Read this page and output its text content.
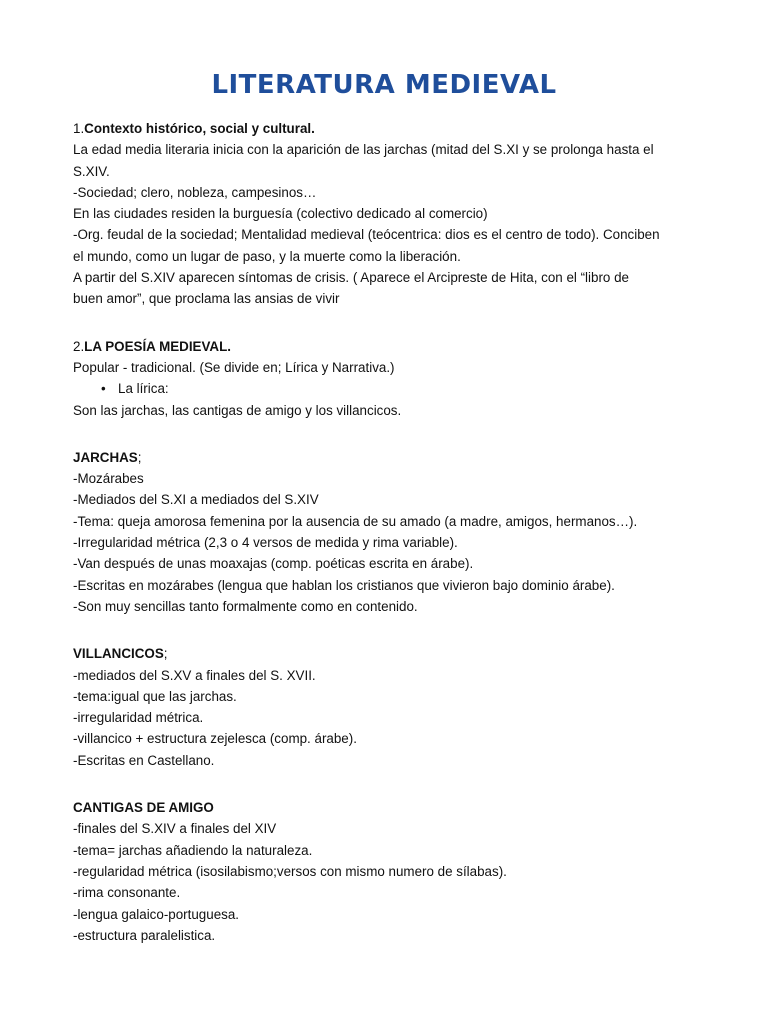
LITERATURA MEDIEVAL
1.Contexto histórico, social y cultural.
La edad media literaria inicia con la aparición de las jarchas (mitad del S.XI y se prolonga hasta el
S.XIV.
-Sociedad; clero, nobleza, campesinos…
En las ciudades residen la burguesía (colectivo dedicado al comercio)
-Org. feudal de la sociedad; Mentalidad medieval (teócentrica: dios es el centro de todo). Conciben
el mundo, como un lugar de paso, y la muerte como la liberación.
A partir del S.XIV aparecen síntomas de crisis. ( Aparece el Arcipreste de Hita, con el “libro de
buen amor”, que proclama las ansias de vivir
2.LA POESÍA MEDIEVAL.
Popular - tradicional. (Se divide en; Lírica y Narrativa.)
• La lírica:
Son las jarchas, las cantigas de amigo y los villancicos.
JARCHAS;
-Mozárabes
-Mediados del S.XI a mediados del S.XIV
-Tema: queja amorosa femenina por la ausencia de su amado (a madre, amigos, hermanos…).
-Irregularidad métrica (2,3 o 4 versos de medida y rima variable).
-Van después de unas moaxajas (comp. poéticas escrita en árabe).
-Escritas en mozárabes (lengua que hablan los cristianos que vivieron bajo dominio árabe).
-Son muy sencillas tanto formalmente como en contenido.
VILLANCICOS;
-mediados del S.XV a finales del S. XVII.
-tema:igual que las jarchas.
-irregularidad métrica.
-villancico + estructura zejelesca (comp. árabe).
-Escritas en Castellano.
CANTIGAS DE AMIGO
-finales del S.XIV a finales del XIV
-tema= jarchas añadiendo la naturaleza.
-regularidad métrica (isosilabismo;versos con mismo numero de sílabas).
-rima consonante.
-lengua galaico-portuguesa.
-estructura paralelistica.
